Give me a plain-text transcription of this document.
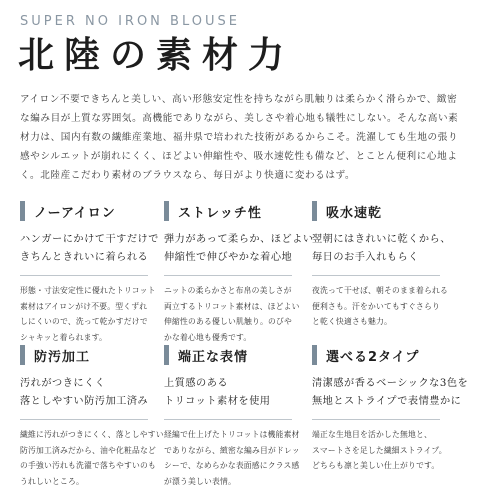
SUPER NO IRON BLOUSE
北陸の素材力

アイロン不要できちんと美しい、高い形態安定性を持ちながら肌触りは柔らかく滑らかで、緻密な編み目が上質な雰囲気。高機能でありながら、美しさや着心地も犠牲にしない。そんな高い素材力は、国内有数の繊維産業地、福井県で培われた技術があるからこそ。洗濯しても生地の張り感やシルエットが崩れにくく、ほどよい伸縮性や、吸水速乾性も備など、とことん便利に心地よく。北陸産こだわり素材のブラウスなら、毎日がより快適に変わるはず。

ノーアイロン
ハンガーにかけて干すだけで
きちんときれいに着られる
形態・寸法安定性に優れたトリコット
素材はアイロンがけ不要。型くずれ
しにくいので、洗って乾かすだけで
シャキッと着られます。
ストレッチ性
弾力があって柔らか、ほどよい
伸縮性で伸びやかな着心地
ニットの柔らかさと布帛の美しさが
両立するトリコット素材は、ほどよい
伸縮性のある優しい肌触り。のびや
かな着心地も優秀です。
吸水速乾
翌朝にはきれいに乾くから、
毎日のお手入れもらく
夜洗って干せば、朝そのまま着られる
便利さも。汗をかいてもすぐさらり
と乾く快適さも魅力。
防汚加工
汚れがつきにくく
落としやすい防汚加工済み
繊維に汚れがつきにくく、落としやすい
防汚加工済みだから、油や化粧品など
の手強い汚れも洗濯で落ちやすいのも
うれしいところ。
端正な表情
上質感のある
トリコット素材を使用
経編で仕上げたトリコットは機能素材
でありながら、緻密な編み目がドレッ
シーで、なめらかな表面感にクラス感
が漂う美しい表情。
選べる2タイプ
清潔感が香るベーシックな3色を
無地とストライプで表情豊かに
端正な生地目を活かした無地と、
スマートさを足した繊細ストライプ。
どちらも凛と美しい仕上がりです。
